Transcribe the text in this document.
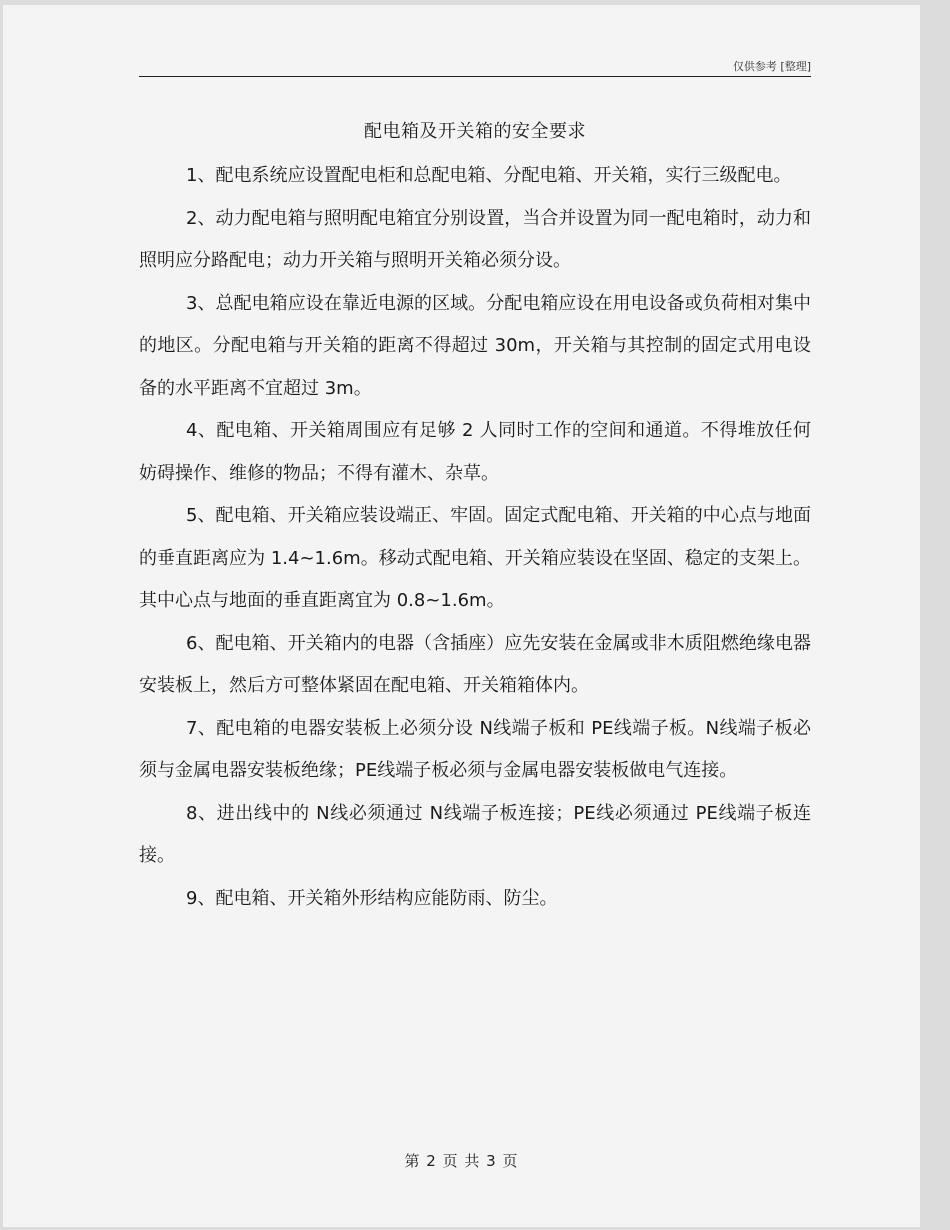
仅供参考 [整理]
配电箱及开关箱的安全要求

1、配电系统应设置配电柜和总配电箱、分配电箱、开关箱，实行三级配电。

2、动力配电箱与照明配电箱宜分别设置，当合并设置为同一配电箱时，动力和照明应分路配电；动力开关箱与照明开关箱必须分设。

3、总配电箱应设在靠近电源的区域。分配电箱应设在用电设备或负荷相对集中的地区。分配电箱与开关箱的距离不得超过 30m，开关箱与其控制的固定式用电设备的水平距离不宜超过 3m。

4、配电箱、开关箱周围应有足够 2 人同时工作的空间和通道。不得堆放任何妨碍操作、维修的物品；不得有灌木、杂草。

5、配电箱、开关箱应装设端正、牢固。固定式配电箱、开关箱的中心点与地面的垂直距离应为 1.4~1.6m。移动式配电箱、开关箱应装设在坚固、稳定的支架上。其中心点与地面的垂直距离宜为 0.8~1.6m。

6、配电箱、开关箱内的电器（含插座）应先安装在金属或非木质阻燃绝缘电器安装板上，然后方可整体紧固在配电箱、开关箱箱体内。

7、配电箱的电器安装板上必须分设 N线端子板和 PE线端子板。N线端子板必须与金属电器安装板绝缘；PE线端子板必须与金属电器安装板做电气连接。

8、进出线中的 N线必须通过 N线端子板连接；PE线必须通过 PE线端子板连接。

9、配电箱、开关箱外形结构应能防雨、防尘。

第 2 页 共 3 页
